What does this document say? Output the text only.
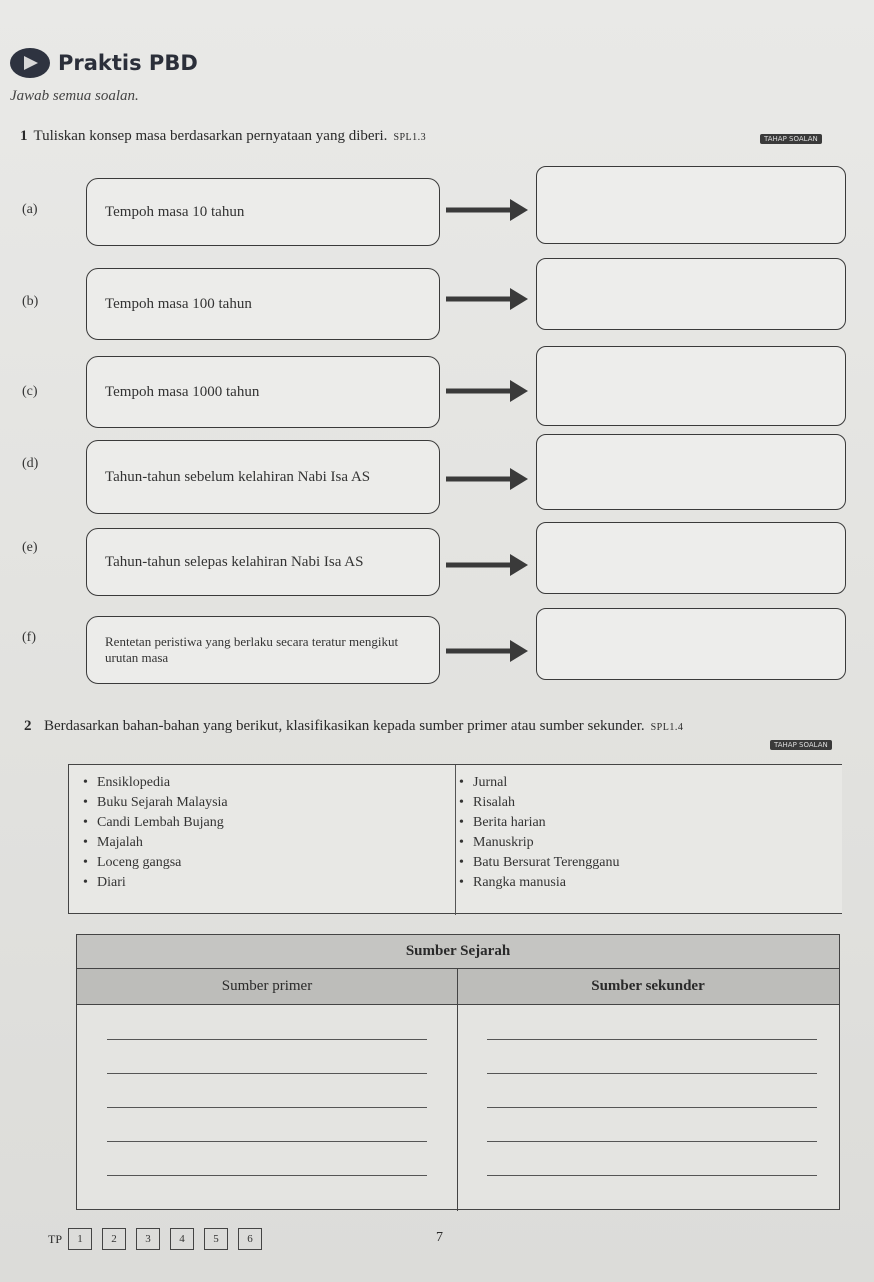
Praktis PBD
Jawab semua soalan.
1 Tuliskan konsep masa berdasarkan pernyataan yang diberi. SPL1.3	TAHAP SOALAN
(a)	Tempoh masa 10 tahun
(b)	Tempoh masa 100 tahun
(c)	Tempoh masa 1000 tahun
(d)
Tahun-tahun sebelum kelahiran Nabi Isa AS
(e)
Tahun-tahun selepas kelahiran Nabi Isa AS
(f)	Rentetan peristiwa yang berlaku secara teratur mengikut urutan masa
2 Berdasarkan bahan-bahan yang berikut, klasifikasikan kepada sumber primer atau sumber sekunder. SPL1.4
TAHAP SOALAN
• Ensiklopedia
• Buku Sejarah Malaysia
• Candi Lembah Bujang
• Majalah
• Loceng gangsa
• Diari
• Jurnal
• Risalah
• Berita harian
• Manuskrip
• Batu Bersurat Terengganu
• Rangka manusia
Sumber Sejarah
Sumber primer	Sumber sekunder
TP	1	2	3	4	5	6	7
